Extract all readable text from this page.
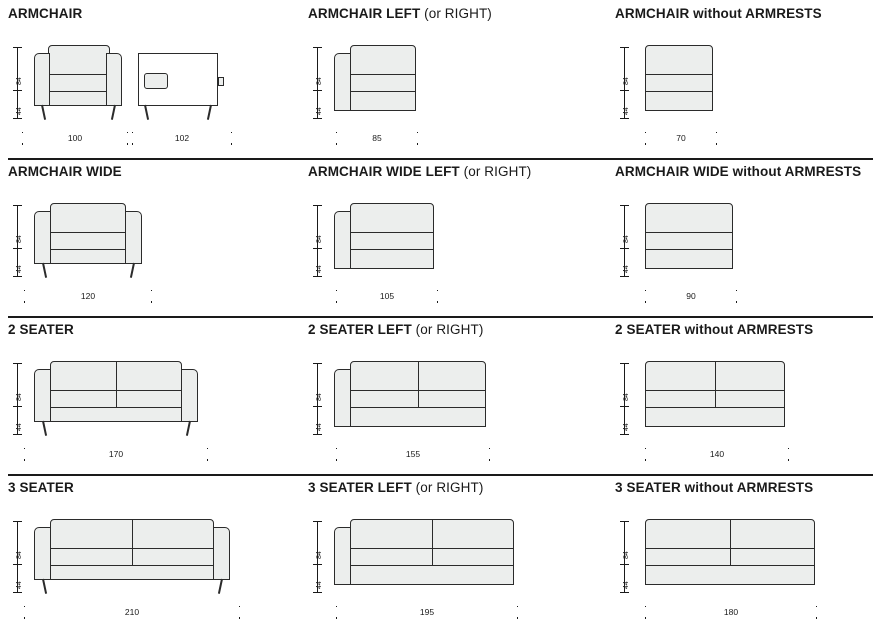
ARMCHAIR
84
44
100	102
ARMCHAIR LEFT (or RIGHT)
84
44
85
ARMCHAIR without ARMRESTS
84
44
70
ARMCHAIR WIDE
84
44
120
ARMCHAIR WIDE LEFT (or RIGHT)
84
44
105
ARMCHAIR WIDE without ARMRESTS
84
44
90
2 SEATER
84
44
170
2 SEATER LEFT (or RIGHT)
84
44
155
2 SEATER without ARMRESTS
84
44
140
3 SEATER
84
44
210
3 SEATER LEFT (or RIGHT)
84
44
195
3 SEATER without ARMRESTS
84
44
180
